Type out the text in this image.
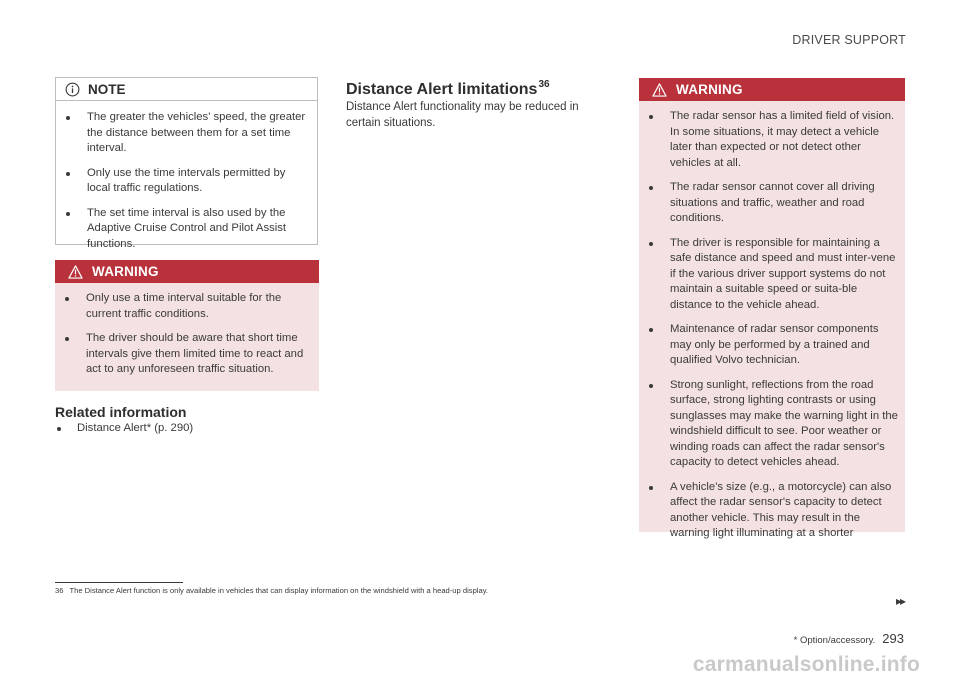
DRIVER SUPPORT
NOTE
The greater the vehicles' speed, the greater the distance between them for a set time interval.
Only use the time intervals permitted by local traffic regulations.
The set time interval is also used by the Adaptive Cruise Control and Pilot Assist functions.
WARNING
Only use a time interval suitable for the current traffic conditions.
The driver should be aware that short time intervals give them limited time to react and act to any unforeseen traffic situation.
Related information
Distance Alert* (p. 290)
Distance Alert limitations$^{36}$
Distance Alert functionality may be reduced in certain situations.
WARNING
The radar sensor has a limited field of vision. In some situations, it may detect a vehicle later than expected or not detect other vehicles at all.
The radar sensor cannot cover all driving situations and traffic, weather and road conditions.
The driver is responsible for maintaining a safe distance and speed and must inter-vene if the various driver support systems do not maintain a suitable speed or suita-ble distance to the vehicle ahead.
Maintenance of radar sensor components may only be performed by a trained and qualified Volvo technician.
Strong sunlight, reflections from the road surface, strong lighting contrasts or using sunglasses may make the warning light in the windshield difficult to see. Poor weather or winding roads can affect the radar sensor's capacity to detect vehicles ahead.
A vehicle's size (e.g., a motorcycle) can also affect the radar sensor's capacity to detect another vehicle. This may result in the warning light illuminating at a shorter
36 The Distance Alert function is only available in vehicles that can display information on the windshield with a head-up display.
▸▸
* Option/accessory. 293
carmanualsonline.info
